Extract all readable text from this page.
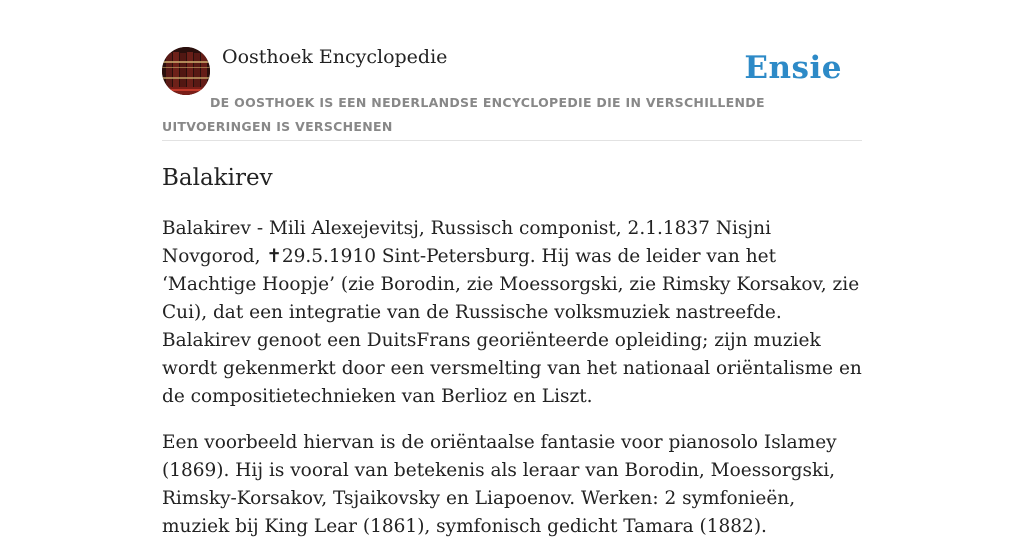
Oosthoek Encyclopedie	Ensie
DE OOSTHOEK IS EEN NEDERLANDSE ENCYCLOPEDIE DIE IN VERSCHILLENDE UITVOERINGEN IS VERSCHENEN
Balakirev

Balakirev - Mili Alexejevitsj, Russisch componist, 2.1.1837 Nisjni Novgorod, ✝29.5.1910 Sint-Petersburg. Hij was de leider van het ‘Machtige Hoopje’ (zie Borodin, zie Moessorgski, zie Rimsky Korsakov, zie Cui), dat een integratie van de Russische volksmuziek nastreefde. Balakirev genoot een DuitsFrans georiënteerde opleiding; zijn muziek wordt gekenmerkt door een versmelting van het nationaal oriëntalisme en de compositietechnieken van Berlioz en Liszt.

Een voorbeeld hiervan is de oriëntaalse fantasie voor pianosolo Islamey (1869). Hij is vooral van betekenis als leraar van Borodin, Moessorgski, Rimsky-Korsakov, Tsjaikovsky en Liapoenov. Werken: 2 symfonieën, muziek bij King Lear (1861), symfonisch gedicht Tamara (1882).
